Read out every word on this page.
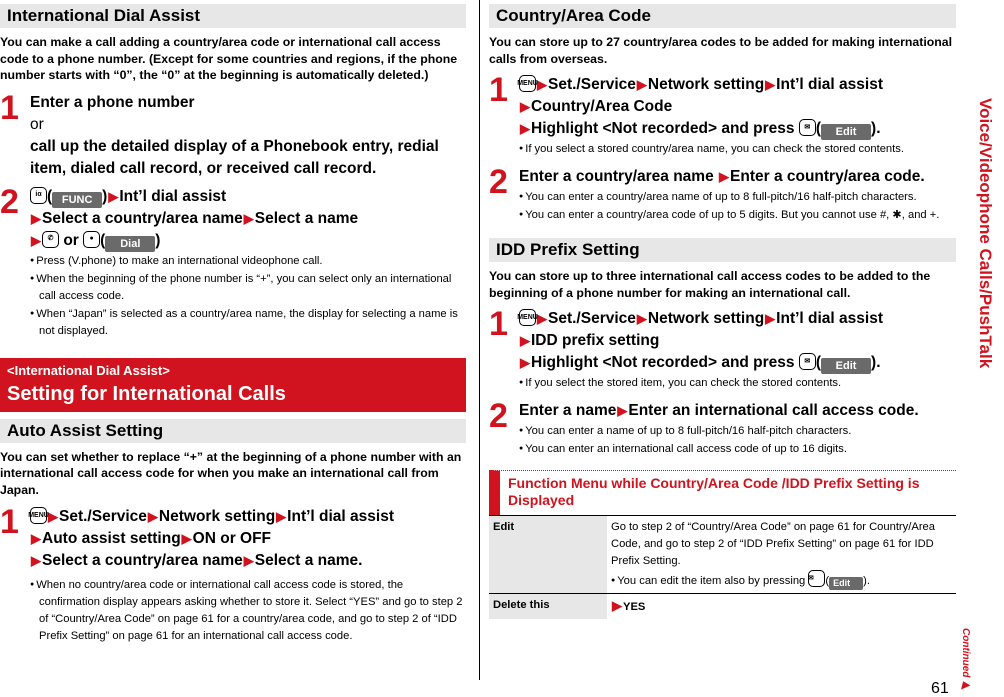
International Dial Assist

You can make a call adding a country/area code or international call access code to a phone number. (Except for some countries and regions, if the phone number starts with “0”, the “0” at the beginning is automatically deleted.)

1 Enter a phone number
or
call up the detailed display of a Phonebook entry, redial item, dialed call record, or received call record.
2	iα ( FUNC )▶Int’l dial assist
▶Select a country/area name▶Select a name
▶ ✆ or	● ( Dial )
● Press (V.phone) to make an international videophone call.
● When the beginning of the phone number is “+”, you can select only an international call access code.
● When “Japan” is selected as a country/area name, the display for selecting a name is not displayed.
<International Dial Assist>
Setting for International Calls
Auto Assist Setting

You can set whether to replace “+” at the beginning of a phone number with an international call access code for when you make an international call from Japan.

1 MENU ▶Set./Service▶Network setting▶Int’l dial assist
▶Auto assist setting▶ON or OFF
▶Select a country/area name▶Select a name.
● When no country/area code or international call access code is stored, the confirmation display appears asking whether to store it. Select “YES” and go to step 2 of “Country/Area Code” on page 61 for a country/area code, and go to step 2 of “IDD Prefix Setting” on page 61 for an international call access code.
Country/Area Code

You can store up to 27 country/area codes to be added for making international calls from overseas.

1 MENU ▶Set./Service▶Network setting▶Int’l dial assist
▶Country/Area Code
▶Highlight <Not recorded> and press	✉ ( Edit ).
● If you select a stored country/area name, you can check the stored contents.
2 Enter a country/area name ▶Enter a country/area code.
● You can enter a country/area name of up to 8 full-pitch/16 half-pitch characters.
● You can enter a country/area code of up to 5 digits. But you cannot use #, ✱, and +.
IDD Prefix Setting

You can store up to three international call access codes to be added to the beginning of a phone number for making an international call.

1 MENU ▶Set./Service▶Network setting▶Int’l dial assist
▶IDD prefix setting
▶Highlight <Not recorded> and press	✉ ( Edit ).
● If you select the stored item, you can check the stored contents.
2 Enter a name▶Enter an international call access code.
● You can enter a name of up to 8 full-pitch/16 half-pitch characters.
● You can enter an international call access code of up to 16 digits.
Function Menu while Country/Area Code /IDD Prefix Setting is Displayed
Edit	Go to step 2 of “Country/Area Code” on page 61 for Country/Area Code, and go to step 2 of “IDD Prefix Setting” on page 61 for IDD Prefix Setting.
● You can edit the item also by pressing ✉ ( Edit ).

Delete this	▶YES
Voice/Videophone Calls/PushTalk
Continued ▶
61
